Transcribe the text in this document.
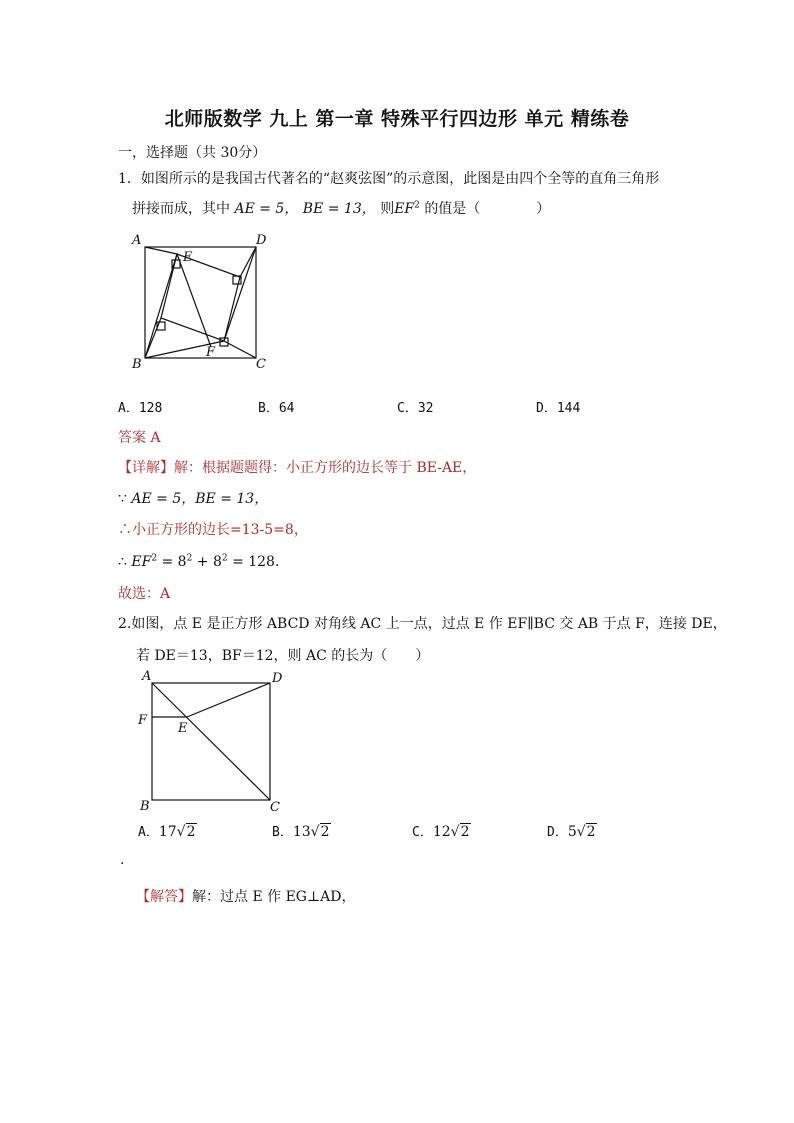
北师版数学 九上 第一章 特殊平行四边形 单元 精练卷
一，选择题（共 30分）
1．如图所示的是我国古代著名的“赵爽弦图”的示意图，此图是由四个全等的直角三角形
拼接而成，其中 AE = 5， BE = 13， 则$EF^2$ 的值是（　　　　）
A	D
E
B
F
C
A．128	B．64	C．32	D．144
答案 A
【详解】解：根据题题得：小正方形的边长等于 BE-AE，
∵ AE = 5，BE = 13，
∴小正方形的边长=13-5=8，
∴ $EF^2 = 8^2 + 8^2 = 128$．
故选：A
2.如图，点 E 是正方形 ABCD 对角线 AC 上一点，过点 E 作 EF∥BC 交 AB 于点 F，连接 DE，
若 DE＝13，BF＝12，则 AC 的长为（　　）
A	D
F
E
B	C
A．17√2	B．13√2	C．12√2	D．5√2
.
【解答】解：过点 E 作 EG⊥AD，
